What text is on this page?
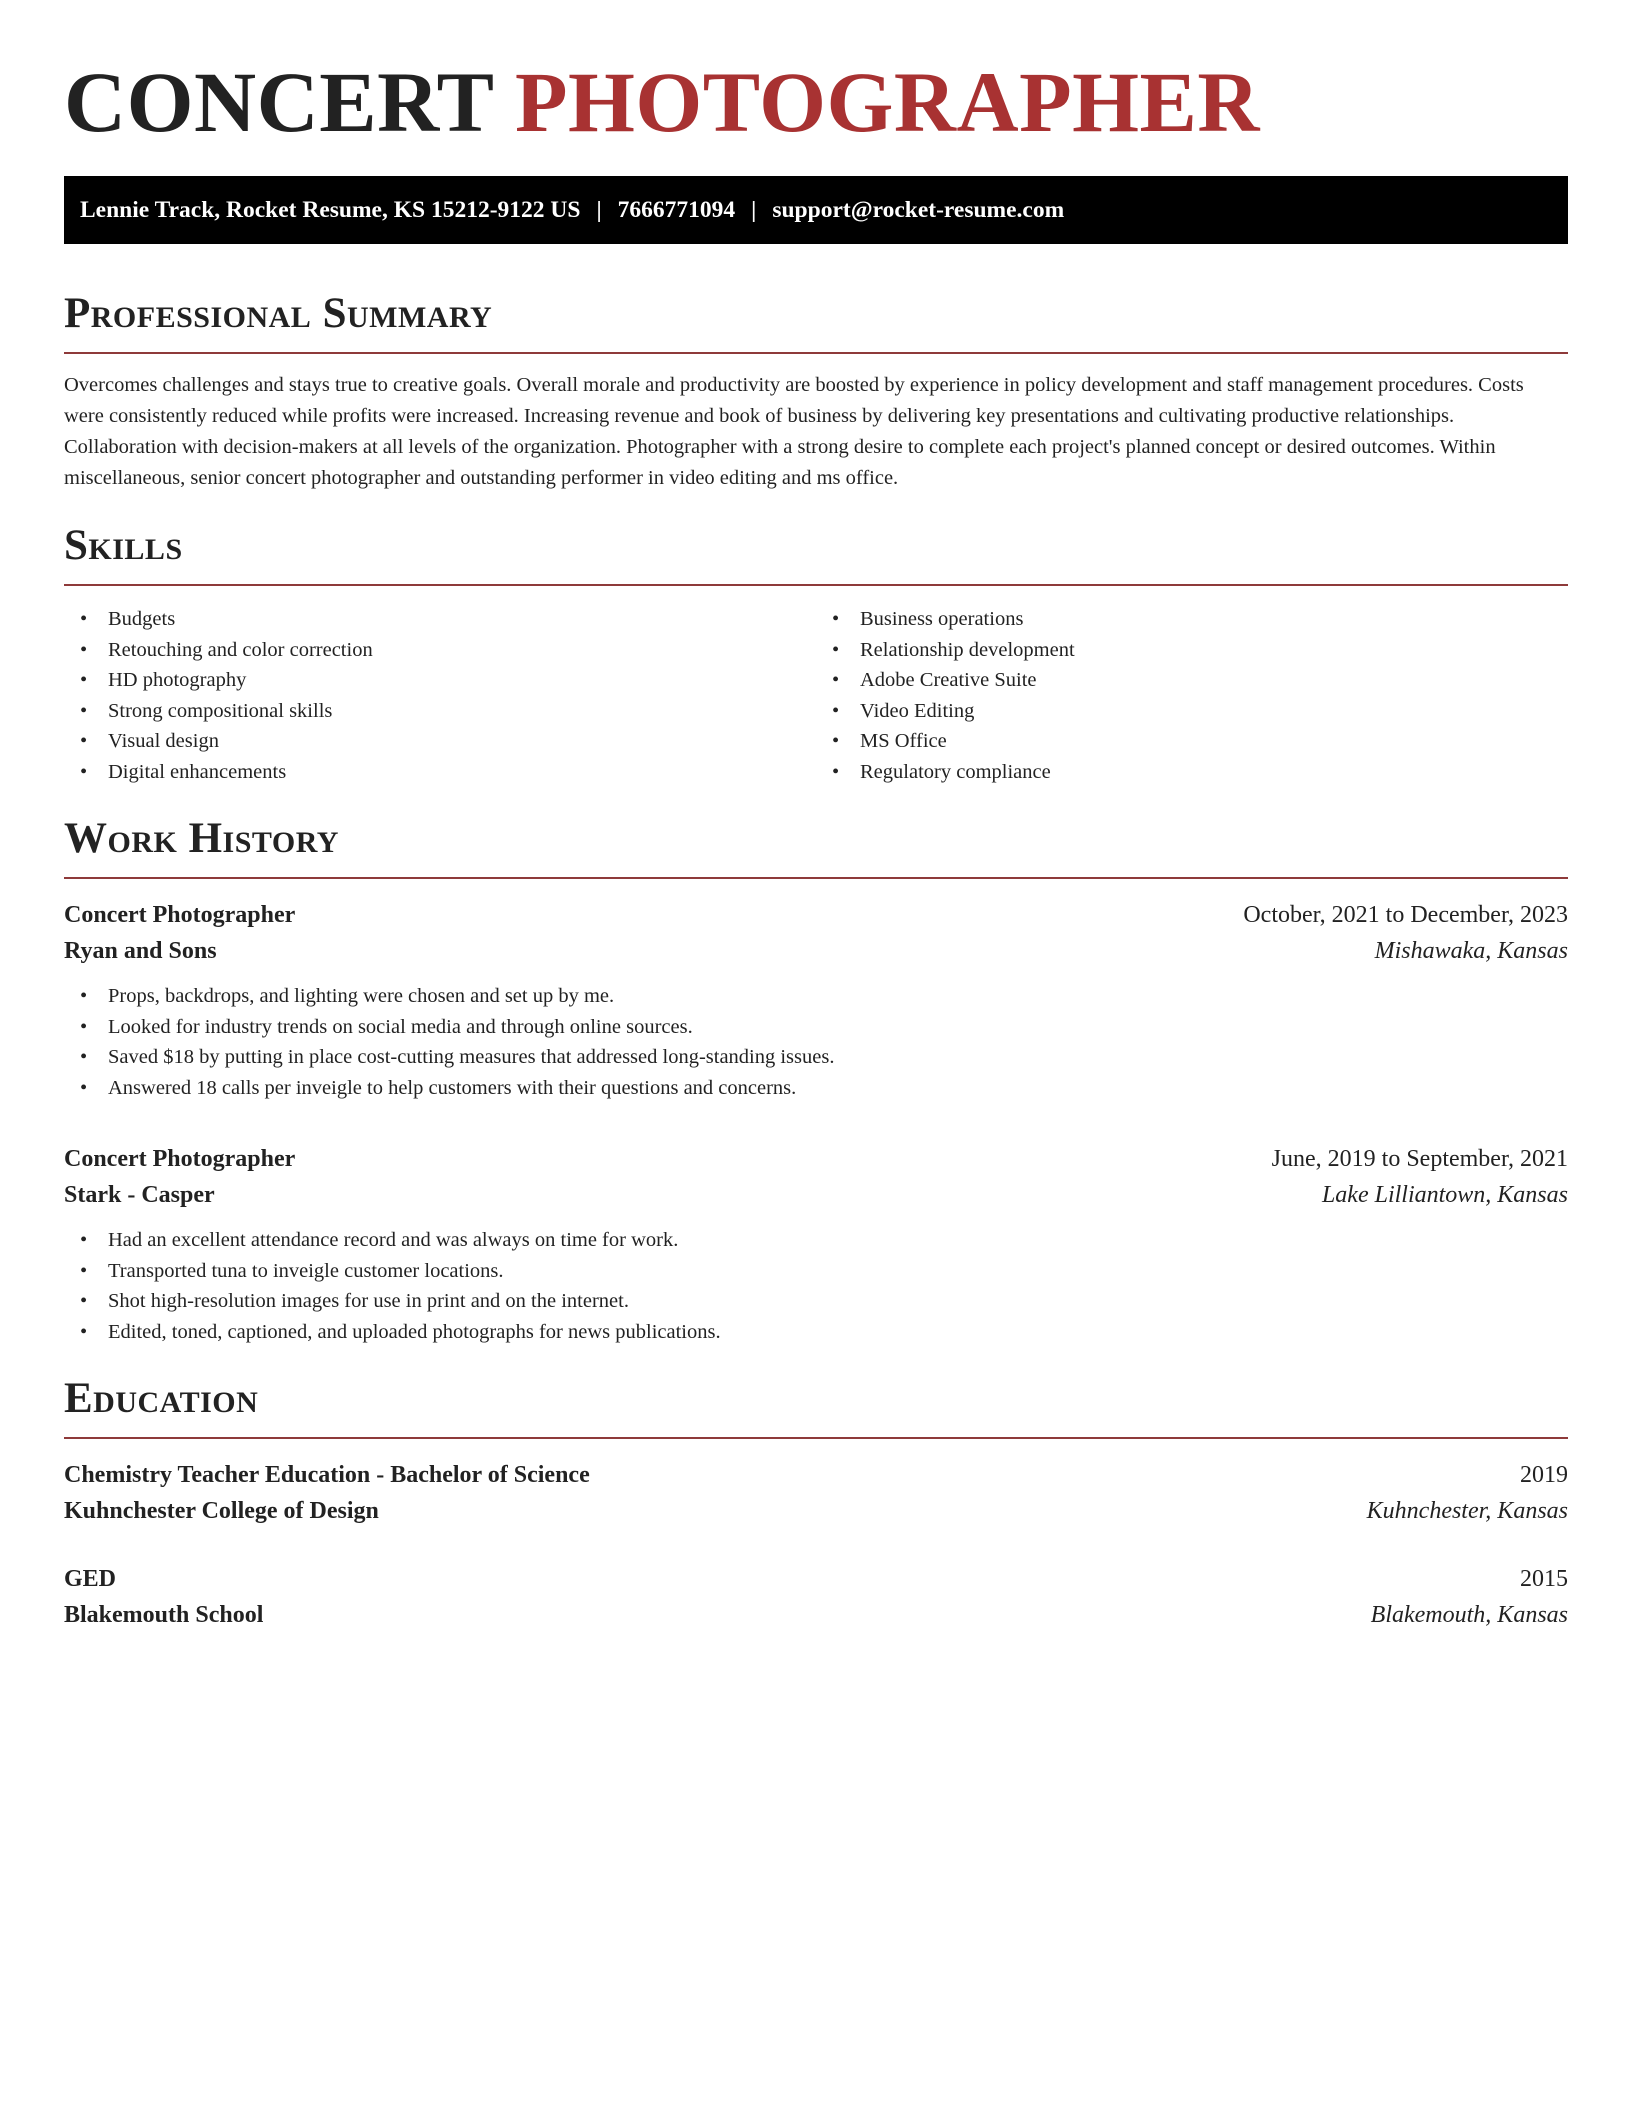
CONCERT PHOTOGRAPHER
Lennie Track, Rocket Resume, KS 15212-9122 US | 7666771094 | support@rocket-resume.com
Professional Summary

Overcomes challenges and stays true to creative goals. Overall morale and productivity are boosted by experience in policy development and staff management procedures. Costs were consistently reduced while profits were increased. Increasing revenue and book of business by delivering key presentations and cultivating productive relationships. Collaboration with decision-makers at all levels of the organization. Photographer with a strong desire to complete each project's planned concept or desired outcomes. Within miscellaneous, senior concert photographer and outstanding performer in video editing and ms office.

Skills
• Budgets
• Retouching and color correction
• HD photography
• Strong compositional skills
• Visual design
• Digital enhancements
• Business operations
• Relationship development
• Adobe Creative Suite
• Video Editing
• MS Office
• Regulatory compliance
Work History
Concert Photographer	October, 2021 to December, 2023
Ryan and Sons	Mishawaka, Kansas
• Props, backdrops, and lighting were chosen and set up by me.
• Looked for industry trends on social media and through online sources.
• Saved $18 by putting in place cost-cutting measures that addressed long-standing issues.
• Answered 18 calls per inveigle to help customers with their questions and concerns.
Concert Photographer	June, 2019 to September, 2021
Stark - Casper	Lake Lilliantown, Kansas
• Had an excellent attendance record and was always on time for work.
• Transported tuna to inveigle customer locations.
• Shot high-resolution images for use in print and on the internet.
• Edited, toned, captioned, and uploaded photographs for news publications.
Education
Chemistry Teacher Education - Bachelor of Science	2019
Kuhnchester College of Design	Kuhnchester, Kansas
GED	2015
Blakemouth School	Blakemouth, Kansas
